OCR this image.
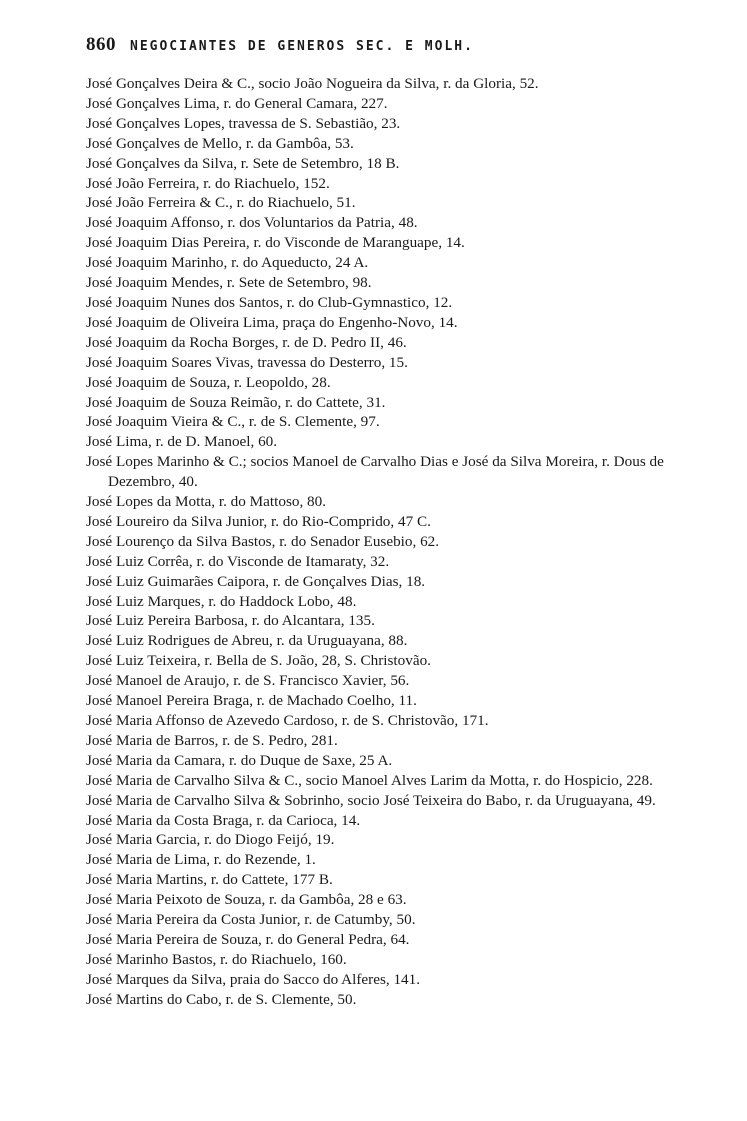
860 NEGOCIANTES DE GENEROS SEC. E MOLH.
José Gonçalves Deira & C., socio João Nogueira da Silva, r. da Gloria, 52.
José Gonçalves Lima, r. do General Camara, 227.
José Gonçalves Lopes, travessa de S. Sebastião, 23.
José Gonçalves de Mello, r. da Gambôa, 53.
José Gonçalves da Silva, r. Sete de Setembro, 18 B.
José João Ferreira, r. do Riachuelo, 152.
José João Ferreira & C., r. do Riachuelo, 51.
José Joaquim Affonso, r. dos Voluntarios da Patria, 48.
José Joaquim Dias Pereira, r. do Visconde de Maranguape, 14.
José Joaquim Marinho, r. do Aqueducto, 24 A.
José Joaquim Mendes, r. Sete de Setembro, 98.
José Joaquim Nunes dos Santos, r. do Club-Gymnastico, 12.
José Joaquim de Oliveira Lima, praça do Engenho-Novo, 14.
José Joaquim da Rocha Borges, r. de D. Pedro II, 46.
José Joaquim Soares Vivas, travessa do Desterro, 15.
José Joaquim de Souza, r. Leopoldo, 28.
José Joaquim de Souza Reimão, r. do Cattete, 31.
José Joaquim Vieira & C., r. de S. Clemente, 97.
José Lima, r. de D. Manoel, 60.
José Lopes Marinho & C.; socios Manoel de Carvalho Dias e José da Silva Moreira, r. Dous de Dezembro, 40.
José Lopes da Motta, r. do Mattoso, 80.
José Loureiro da Silva Junior, r. do Rio-Comprido, 47 C.
José Lourenço da Silva Bastos, r. do Senador Eusebio, 62.
José Luiz Corrêa, r. do Visconde de Itamaraty, 32.
José Luiz Guimarães Caipora, r. de Gonçalves Dias, 18.
José Luiz Marques, r. do Haddock Lobo, 48.
José Luiz Pereira Barbosa, r. do Alcantara, 135.
José Luiz Rodrigues de Abreu, r. da Uruguayana, 88.
José Luiz Teixeira, r. Bella de S. João, 28, S. Christovão.
José Manoel de Araujo, r. de S. Francisco Xavier, 56.
José Manoel Pereira Braga, r. de Machado Coelho, 11.
José Maria Affonso de Azevedo Cardoso, r. de S. Christovão, 171.
José Maria de Barros, r. de S. Pedro, 281.
José Maria da Camara, r. do Duque de Saxe, 25 A.
José Maria de Carvalho Silva & C., socio Manoel Alves Larim da Motta, r. do Hospicio, 228.
José Maria de Carvalho Silva & Sobrinho, socio José Teixeira do Babo, r. da Uruguayana, 49.
José Maria da Costa Braga, r. da Carioca, 14.
José Maria Garcia, r. do Diogo Feijó, 19.
José Maria de Lima, r. do Rezende, 1.
José Maria Martins, r. do Cattete, 177 B.
José Maria Peixoto de Souza, r. da Gambôa, 28 e 63.
José Maria Pereira da Costa Junior, r. de Catumby, 50.
José Maria Pereira de Souza, r. do General Pedra, 64.
José Marinho Bastos, r. do Riachuelo, 160.
José Marques da Silva, praia do Sacco do Alferes, 141.
José Martins do Cabo, r. de S. Clemente, 50.
